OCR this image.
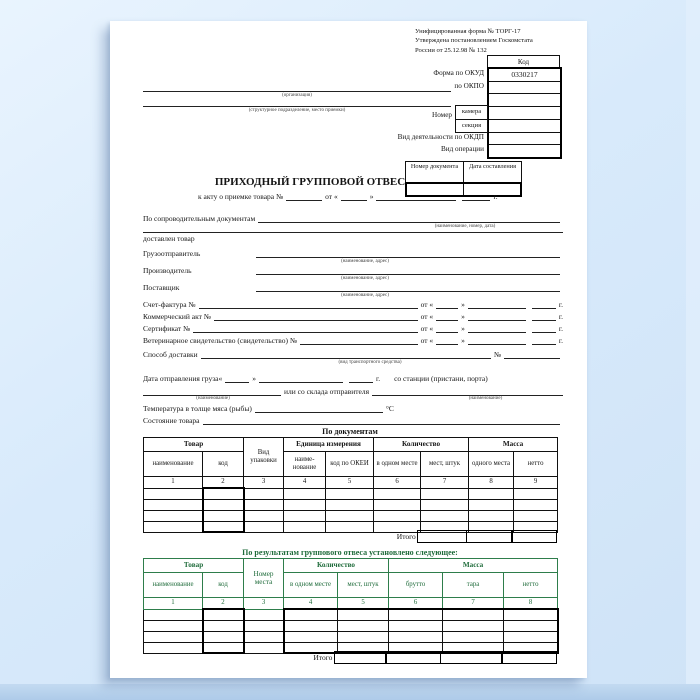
Унифицированная форма № ТОРГ-17
Утверждена постановлением Госкомстата
России от 25.12.98 № 132
(организация)
(структурное подразделение, место приемки)
Код
0330217
Форма по ОКУД
по ОКПО
Номер	камера
секция
Вид деятельности по ОКДП
Вид операции
Номер документа	Дата составления
ПРИХОДНЫЙ ГРУППОВОЙ ОТВЕС
к акту о приемке товара №	от «	»	г.
По сопроводительным документам
(наименование, номер, дата)
доставлен товар
Грузоотправитель
(наименование, адрес)
Производитель
(наименование, адрес)
Поставщик
(наименование, адрес)
Счет-фактура №	от «	»	г.
Коммерческий акт №	от «	»	г.
Сертификат №	от «	»	г.
Ветеринарное свидетельство (свидетельство) №	от «	»	г.
Способ доставки	№
(вид транспортного средства)
Дата отправления груза «	»	г. со станции (пристани, порта)
или со склада отправителя
(наименование)	(наименование)
Температура в толще мяса (рыбы)	°С
Состояние товара
По документам
Товар		Вид упаковки	Единица измерения		Количество		Масса	
наименование	код		наиме-нование	код по ОКЕИ	в одном месте	мест, штук	одного места	нетто
1	2	3	4	5	6	7	8	9

Итого
По результатам группового отвеса установлено следующее:
Товар		Номер места	Количество		Масса		
наименование	код		в одном месте	мест, штук	брутто	тара	нетто
1	2	3	4	5	6	7	8

Итого
